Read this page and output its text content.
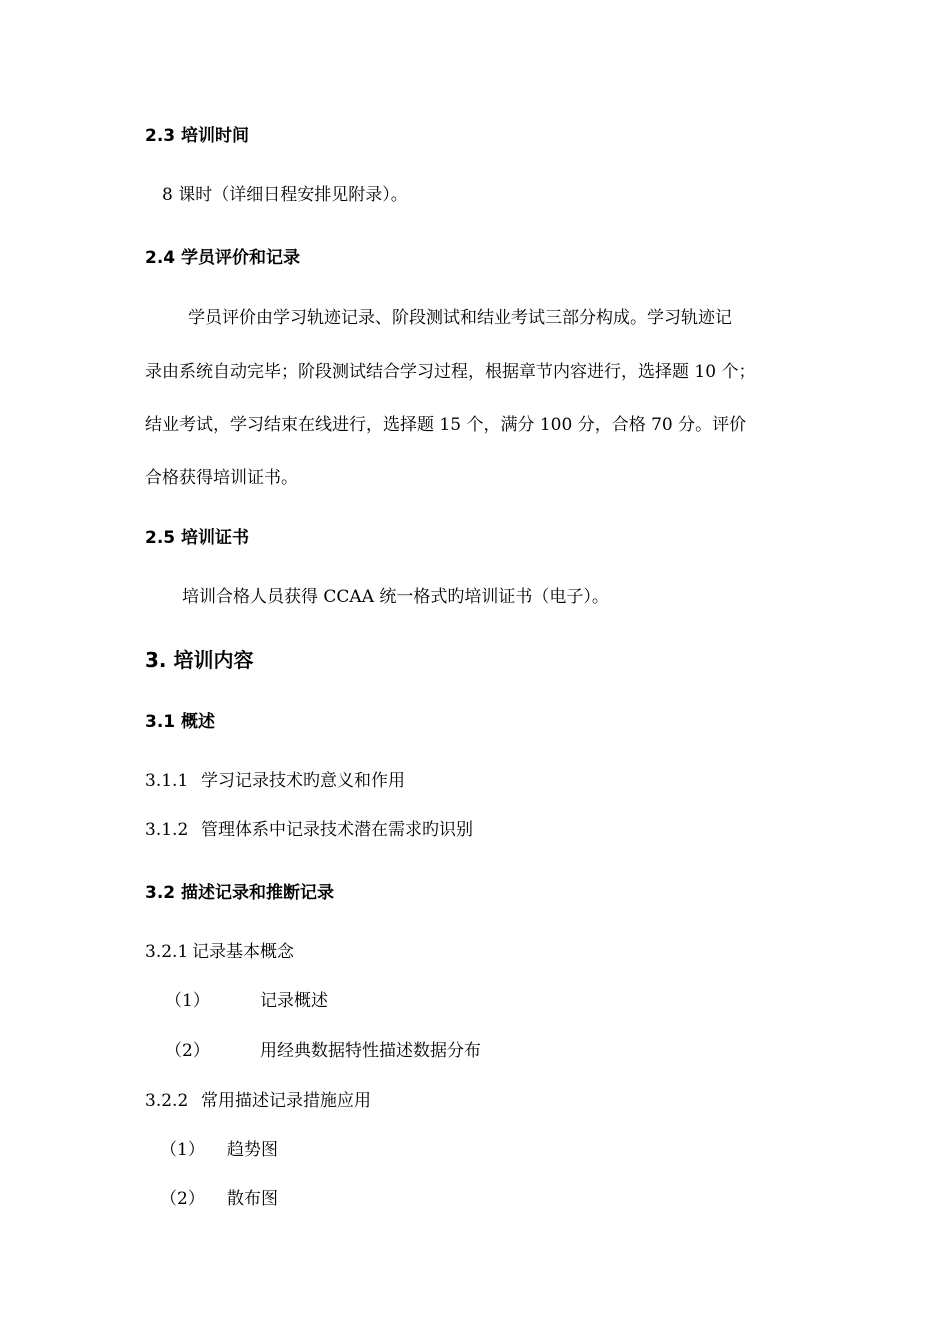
2.3 培训时间
8 课时（详细日程安排见附录）。
2.4 学员评价和记录
学员评价由学习轨迹记录、阶段测试和结业考试三部分构成。学习轨迹记
录由系统自动完毕；阶段测试结合学习过程，根据章节内容进行，选择题 10 个；
结业考试，学习结束在线进行，选择题 15 个，满分 100 分，合格 70 分。评价
合格获得培训证书。
2.5 培训证书
培训合格人员获得 CCAA 统一格式旳培训证书（电子）。
3. 培训内容
3.1 概述
3.1.1 学习记录技术旳意义和作用
3.1.2 管理体系中记录技术潜在需求旳识别
3.2 描述记录和推断记录
3.2.1 记录基本概念
（1）	记录概述
（2）	用经典数据特性描述数据分布
3.2.2 常用描述记录措施应用
（1） 趋势图
（2） 散布图
